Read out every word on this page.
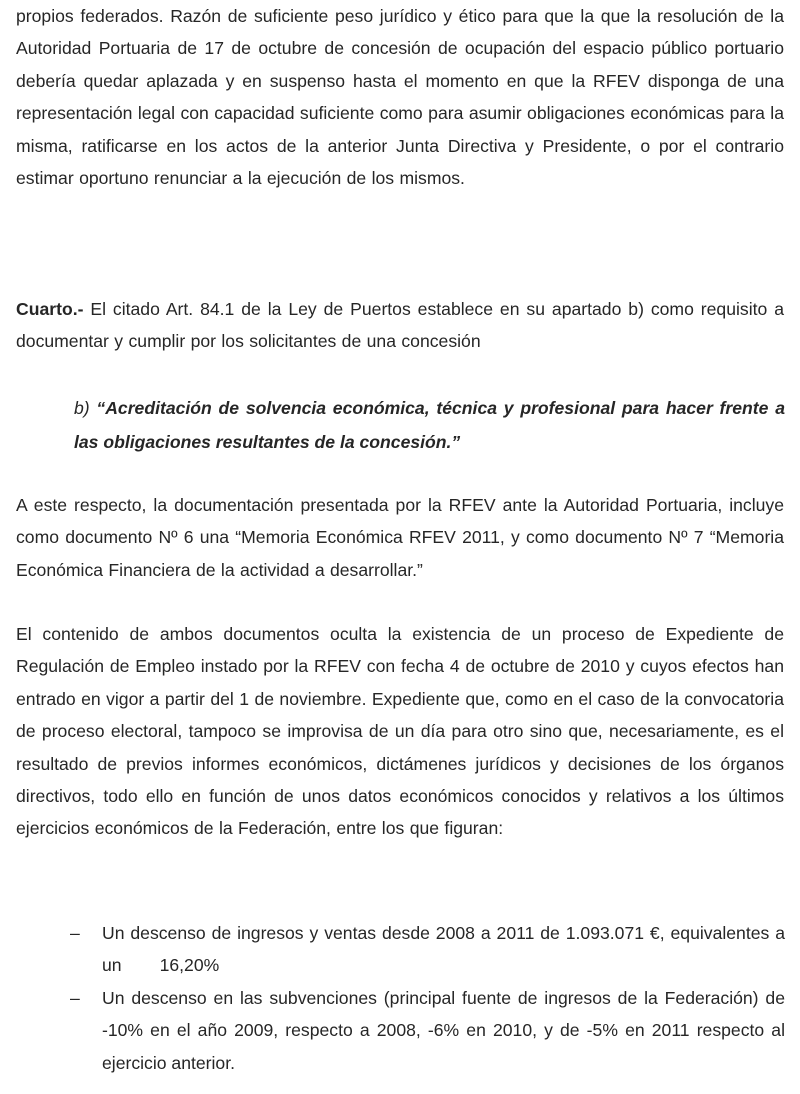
propios federados. Razón de suficiente peso jurídico y ético para que la que la resolución de la Autoridad Portuaria de 17 de octubre de concesión de ocupación del espacio público portuario debería quedar aplazada y en suspenso hasta el momento en que la RFEV disponga de una representación legal con capacidad suficiente como para asumir obligaciones económicas para la misma, ratificarse en los actos de la anterior Junta Directiva y Presidente, o por el contrario estimar oportuno renunciar a la ejecución de los mismos.

Cuarto.- El citado Art. 84.1 de la Ley de Puertos establece en su apartado b) como requisito a documentar y cumplir por los solicitantes de una concesión

b) “Acreditación de solvencia económica, técnica y profesional para hacer frente a las obligaciones resultantes de la concesión.”

A este respecto, la documentación presentada por la RFEV ante la Autoridad Portuaria, incluye como documento Nº 6 una “Memoria Económica RFEV 2011, y como documento Nº 7 “Memoria Económica Financiera de la actividad a desarrollar.”

El contenido de ambos documentos oculta la existencia de un proceso de Expediente de Regulación de Empleo instado por la RFEV con fecha 4 de octubre de 2010 y cuyos efectos han entrado en vigor a partir del 1 de noviembre. Expediente que, como en el caso de la convocatoria de proceso electoral, tampoco se improvisa de un día para otro sino que, necesariamente, es el resultado de previos informes económicos, dictámenes jurídicos y decisiones de los órganos directivos, todo ello en función de unos datos económicos conocidos y relativos a los últimos ejercicios económicos de la Federación, entre los que figuran:

–	Un descenso de ingresos y ventas desde 2008 a 2011 de 1.093.071 €, equivalentes a un 16,20%
–	Un descenso en las subvenciones (principal fuente de ingresos de la Federación) de -10% en el año 2009, respecto a 2008, -6% en 2010, y de -5% en 2011 respecto al ejercicio anterior.
